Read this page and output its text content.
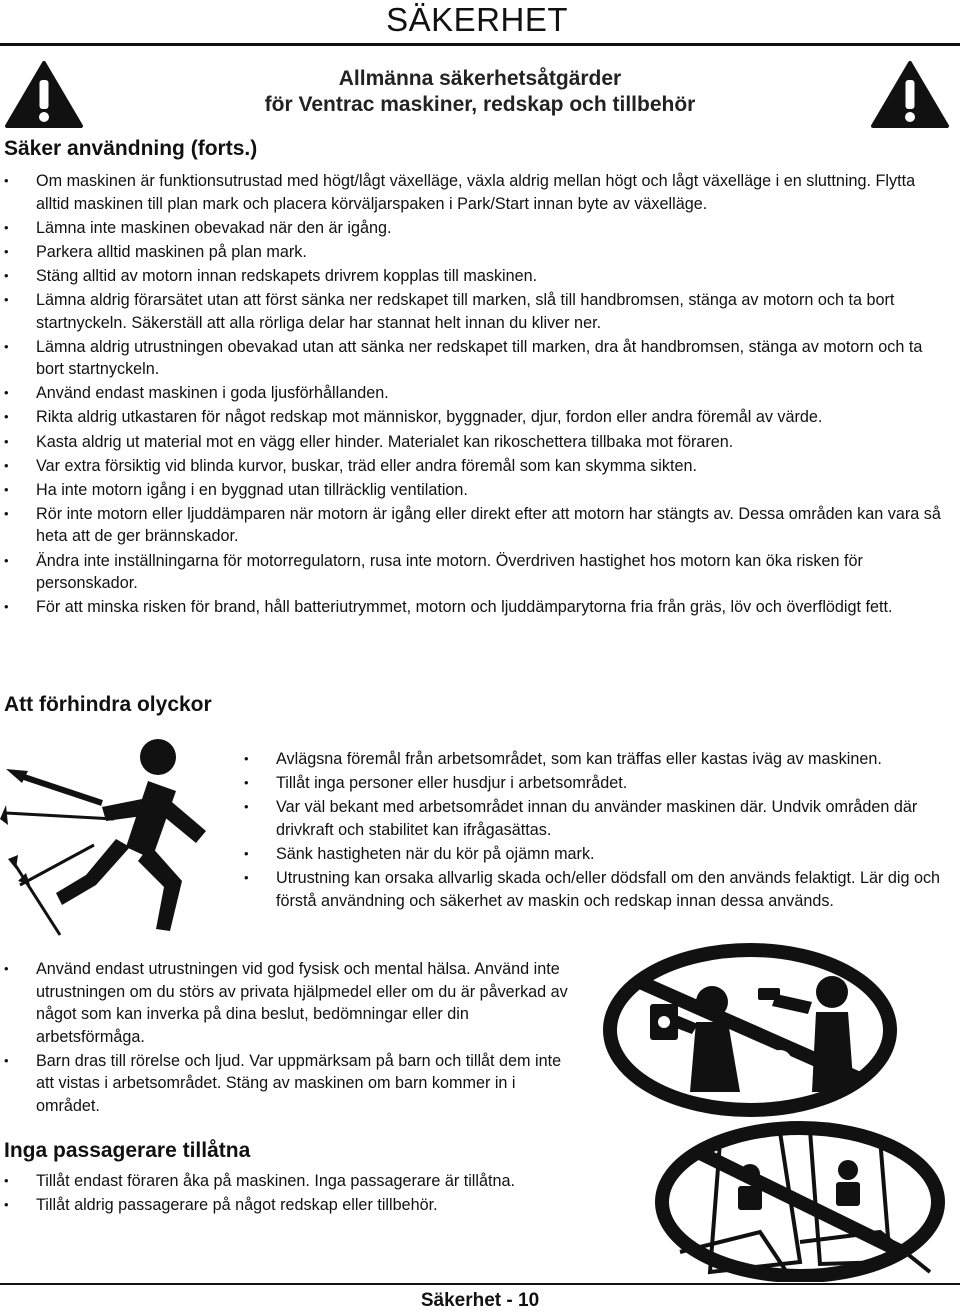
SÄKERHET
Allmänna säkerhetsåtgärder
för Ventrac maskiner, redskap och tillbehör
Säker användning (forts.)
• Om maskinen är funktionsutrustad med högt/lågt växelläge, växla aldrig mellan högt och lågt växelläge i en sluttning. Flytta alltid maskinen till plan mark och placera körväljarspaken i Park/Start innan byte av växelläge.
• Lämna inte maskinen obevakad när den är igång.
• Parkera alltid maskinen på plan mark.
• Stäng alltid av motorn innan redskapets drivrem kopplas till maskinen.
• Lämna aldrig förarsätet utan att först sänka ner redskapet till marken, slå till handbromsen, stänga av motorn och ta bort startnyckeln. Säkerställ att alla rörliga delar har stannat helt innan du kliver ner.
• Lämna aldrig utrustningen obevakad utan att sänka ner redskapet till marken, dra åt handbromsen, stänga av motorn och ta bort startnyckeln.
• Använd endast maskinen i goda ljusförhållanden.
• Rikta aldrig utkastaren för något redskap mot människor, byggnader, djur, fordon eller andra föremål av värde.
• Kasta aldrig ut material mot en vägg eller hinder. Materialet kan rikoschettera tillbaka mot föraren.
• Var extra försiktig vid blinda kurvor, buskar, träd eller andra föremål som kan skymma sikten.
• Ha inte motorn igång i en byggnad utan tillräcklig ventilation.
• Rör inte motorn eller ljuddämparen när motorn är igång eller direkt efter att motorn har stängts av. Dessa områden kan vara så heta att de ger brännskador.
• Ändra inte inställningarna för motorregulatorn, rusa inte motorn. Överdriven hastighet hos motorn kan öka risken för personskador.
• För att minska risken för brand, håll batteriutrymmet, motorn och ljuddämparytorna fria från gräs, löv och överflödigt fett.
Att förhindra olyckor
• Avlägsna föremål från arbetsområdet, som kan träffas eller kastas iväg av maskinen.
• Tillåt inga personer eller husdjur i arbetsområdet.
• Var väl bekant med arbetsområdet innan du använder maskinen där. Undvik områden där drivkraft och stabilitet kan ifrågasättas.
• Sänk hastigheten när du kör på ojämn mark.
• Utrustning kan orsaka allvarlig skada och/eller dödsfall om den används felaktigt. Lär dig och förstå användning och säkerhet av maskin och redskap innan dessa används.
• Använd endast utrustningen vid god fysisk och mental hälsa. Använd inte utrustningen om du störs av privata hjälpmedel eller om du är påverkad av något som kan inverka på dina beslut, bedömningar eller din arbetsförmåga.
• Barn dras till rörelse och ljud. Var uppmärksam på barn och tillåt dem inte att vistas i arbetsområdet. Stäng av maskinen om barn kommer in i området.
Inga passagerare tillåtna
• Tillåt endast föraren åka på maskinen. Inga passagerare är tillåtna.
• Tillåt aldrig passagerare på något redskap eller tillbehör.
Säkerhet - 10
